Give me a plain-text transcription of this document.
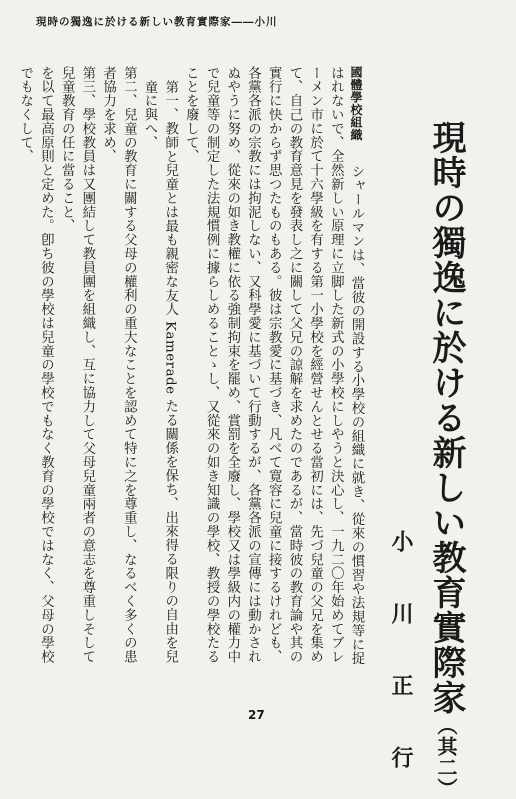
現時の獨逸に於ける新しい教育實際家――小川
現時の獨逸に於ける新しい教育實際家（其二）
小　川　正　行

國體學校組織　シャールマンは、當彼の開設する小學校の組織に就き、從來の慣習や法規等に捉はれないで、全然新しい原理に立脚した新式の小學校にしやうと決心し、一九二〇年始めてブレーメン市に於て十六學級を有する第一小學校を經營せんとせる當初には、先づ兒童の父兄を集めて、自己の教育意見を發表し之に關して父兄の諒解を求めたのであるが、當時彼の教育論や其の實行に快からず思つたものもある。彼は宗教愛に基づき、凡べて寛容に兒童に接するけれども、各黨各派の宗教には拘泥しない、又科學愛に基づいて行動するが、各黨各派の宣傳には動かされぬやうに努め、從來の如き教權に依る強制拘束を罷め、賞罰を全廢し、學校又は學級内の權力中で兒童等の制定した法規慣例に據らしめることゝし、又從來の如き知識の學校、教授の學校たることを廢して、

第一、教師と兒童とは最も親密な友人 Kamerade たる關係を保ち、出來得る限りの自由を兒童に與へ、

第二、兒童の教育に關する父母の權利の重大なことを認めて特に之を尊重し、なるべく多くの患者協力を求め、

第三、學校教員は又團結して教員團を組織し、互に協力して父母兒童兩者の意志を尊重しそして兒童教育の任に當ること、

を以て最高原則と定めた。卽ち彼の學校は兒童の學校でもなく教育の學校ではなく、父母の學校でもなくして、

27
